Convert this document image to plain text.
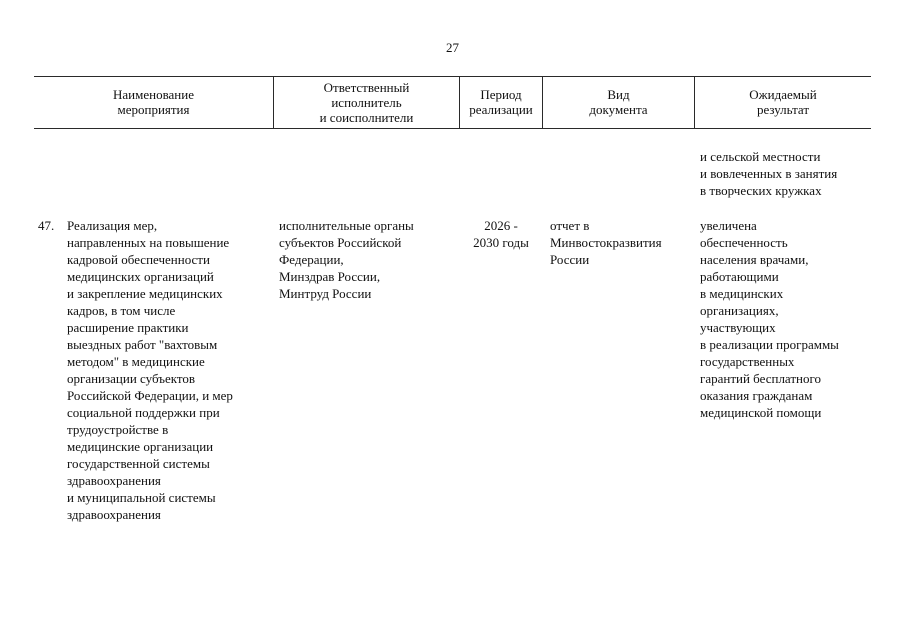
27
Наименование
мероприятия
Ответственный
исполнитель
и соисполнители
Период
реализации
Вид
документа
Ожидаемый
результат
и сельской местности
и вовлеченных в занятия
в творческих кружках
47. Реализация мер,
направленных на повышение
кадровой обеспеченности
медицинских организаций
и закрепление медицинских
кадров, в том числе
расширение практики
выездных работ "вахтовым
методом" в медицинские
организации субъектов
Российской Федерации, и мер
социальной поддержки при
трудоустройстве в
медицинские организации
государственной системы
здравоохранения
и муниципальной системы
здравоохранения
исполнительные органы
субъектов Российской
Федерации,
Минздрав России,
Минтруд России
2026 -
2030 годы
отчет в
Минвостокразвития
России
увеличена
обеспеченность
населения врачами,
работающими
в медицинских
организациях,
участвующих
в реализации программы
государственных
гарантий бесплатного
оказания гражданам
медицинской помощи
